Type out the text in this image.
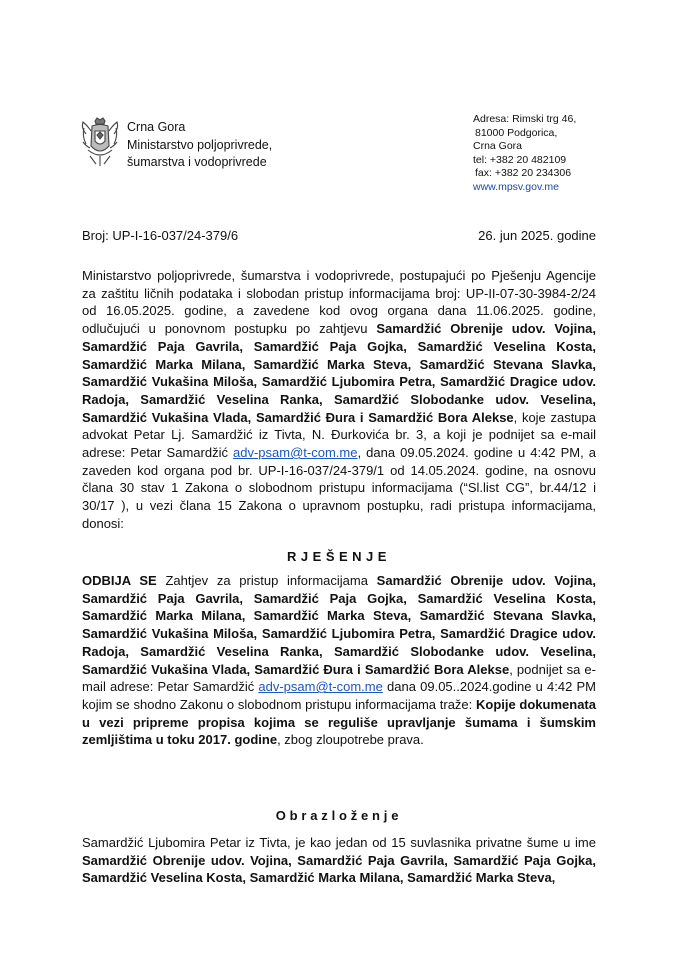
Crna Gora
Ministarstvo poljoprivrede,
šumarstva i vodoprivrede
Adresa: Rimski trg 46,
81000 Podgorica,
Crna Gora
tel: +382 20 482109
fax: +382 20 234306
www.mpsv.gov.me
Broj: UP-I-16-037/24-379/6	26. jun 2025. godine
Ministarstvo poljoprivrede, šumarstva i vodoprivrede, postupajući po Pješenju Agencije za zaštitu ličnih podataka i slobodan pristup informacijama broj: UP-II-07-30-3984-2/24 od 16.05.2025. godine, a zavedene kod ovog organa dana 11.06.2025. godine, odlučujući u ponovnom postupku po zahtjevu Samardžić Obrenije udov. Vojina, Samardžić Paja Gavrila, Samardžić Paja Gojka, Samardžić Veselina Kosta, Samardžić Marka Milana, Samardžić Marka Steva, Samardžić Stevana Slavka, Samardžić Vukašina Miloša, Samardžić Ljubomira Petra, Samardžić Dragice udov. Radoja, Samardžić Veselina Ranka, Samardžić Slobodanke udov. Veselina, Samardžić Vukašina Vlada, Samardžić Đura i Samardžić Bora Alekse, koje zastupa advokat Petar Lj. Samardžić iz Tivta, N. Đurkovića br. 3, a koji je podnijet sa e-mail adrese: Petar Samardžić adv-psam@t-com.me, dana 09.05.2024. godine u 4:42 PM, a zaveden kod organa pod br. UP-I-16-037/24-379/1 od 14.05.2024. godine, na osnovu člana 30 stav 1 Zakona o slobodnom pristupu informacijama (“Sl.list CG”, br.44/12 i 30/17 ), u vezi člana 15 Zakona o upravnom postupku, radi pristupa informacijama, donosi:
RJEŠENJE
ODBIJA SE Zahtjev za pristup informacijama Samardžić Obrenije udov. Vojina, Samardžić Paja Gavrila, Samardžić Paja Gojka, Samardžić Veselina Kosta, Samardžić Marka Milana, Samardžić Marka Steva, Samardžić Stevana Slavka, Samardžić Vukašina Miloša, Samardžić Ljubomira Petra, Samardžić Dragice udov. Radoja, Samardžić Veselina Ranka, Samardžić Slobodanke udov. Veselina, Samardžić Vukašina Vlada, Samardžić Đura i Samardžić Bora Alekse, podnijet sa e-mail adrese: Petar Samardžić adv-psam@t-com.me dana 09.05..2024.godine u 4:42 PM kojim se shodno Zakonu o slobodnom pristupu informacijama traže: Kopije dokumenata u vezi pripreme propisa kojima se reguliše upravljanje šumama i šumskim zemljištima u toku 2017. godine, zbog zloupotrebe prava.
Obrazloženje
Samardžić Ljubomira Petar iz Tivta, je kao jedan od 15 suvlasnika privatne šume u ime Samardžić Obrenije udov. Vojina, Samardžić Paja Gavrila, Samardžić Paja Gojka, Samardžić Veselina Kosta, Samardžić Marka Milana, Samardžić Marka Steva,
